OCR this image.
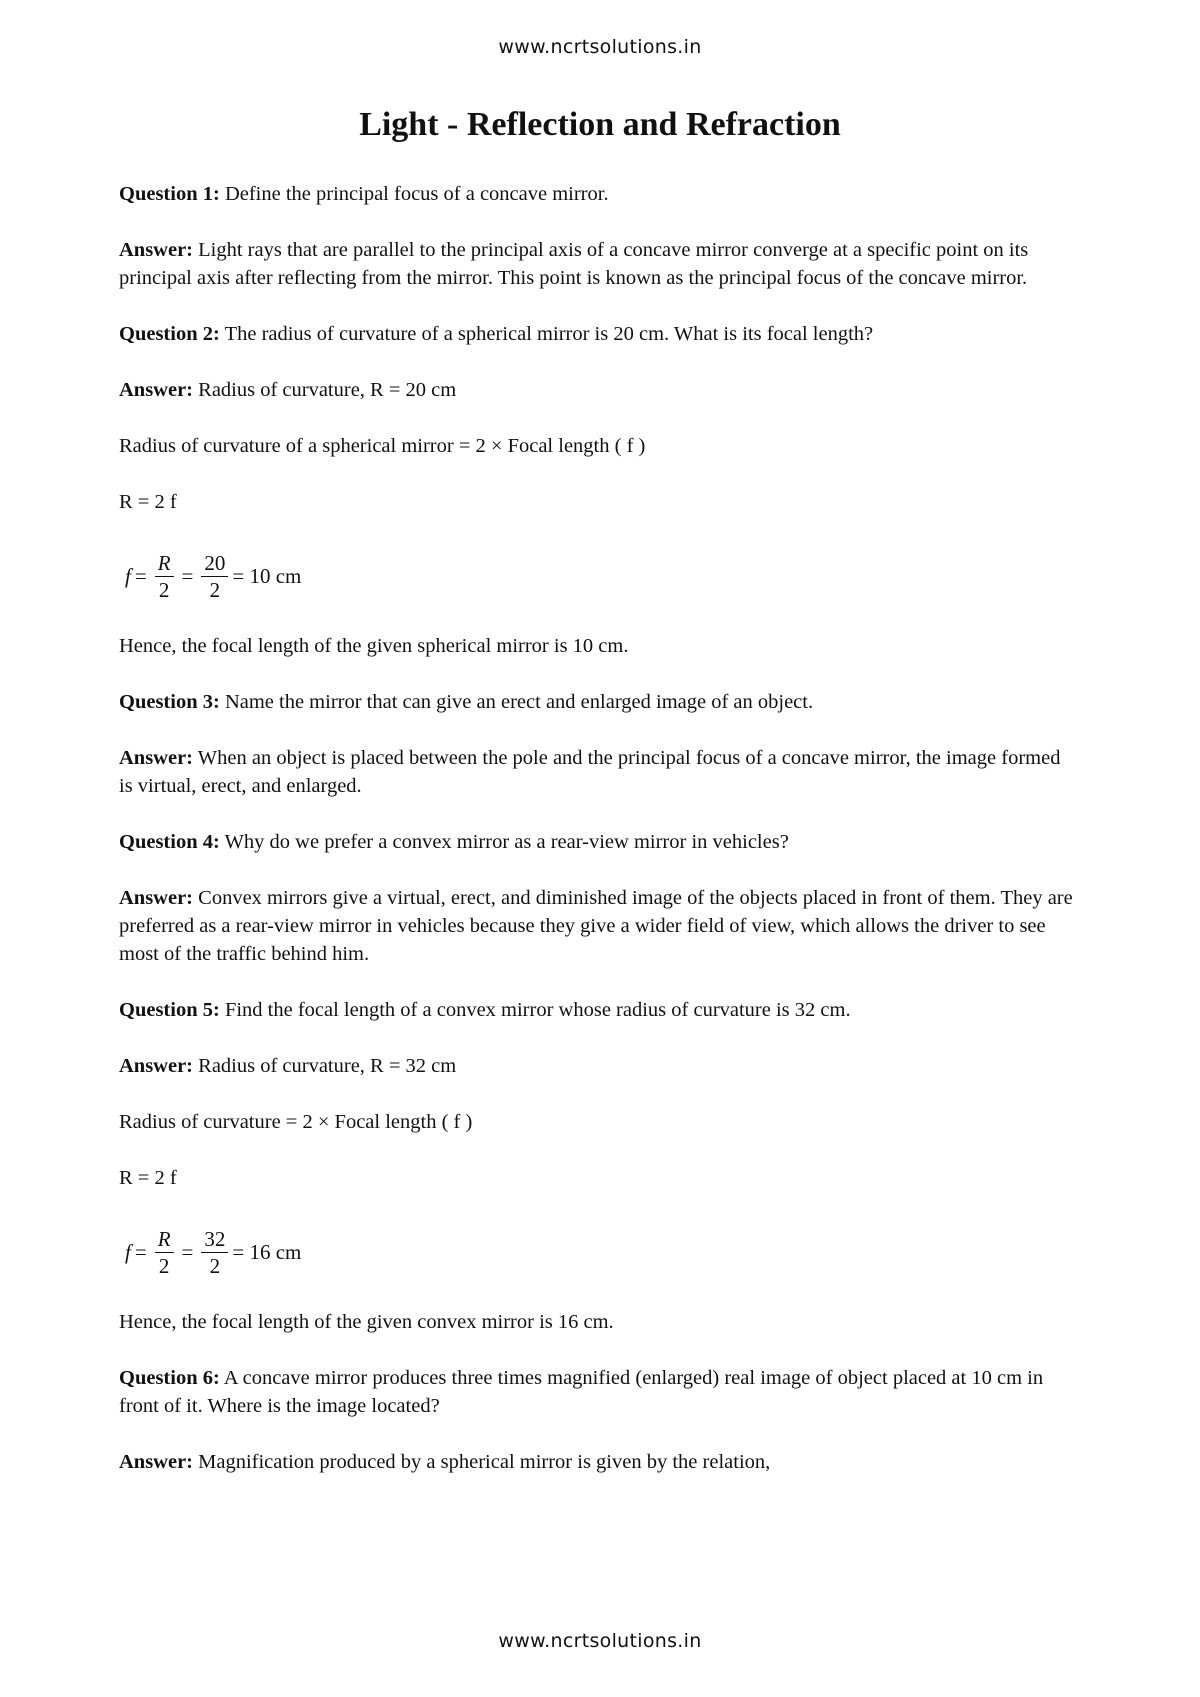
www.ncrtsolutions.in
Light - Reflection and Refraction

Question 1: Define the principal focus of a concave mirror.

Answer: Light rays that are parallel to the principal axis of a concave mirror converge at a specific point on its principal axis after reflecting from the mirror. This point is known as the principal focus of the concave mirror.

Question 2: The radius of curvature of a spherical mirror is 20 cm. What is its focal length?

Answer: Radius of curvature, R = 20 cm

Radius of curvature of a spherical mirror = 2 × Focal length ( f )

R = 2 f

$f = \frac{R}{2} = \frac{20}{2} = 10$ cm

Hence, the focal length of the given spherical mirror is 10 cm.

Question 3: Name the mirror that can give an erect and enlarged image of an object.

Answer: When an object is placed between the pole and the principal focus of a concave mirror, the image formed is virtual, erect, and enlarged.

Question 4: Why do we prefer a convex mirror as a rear-view mirror in vehicles?

Answer: Convex mirrors give a virtual, erect, and diminished image of the objects placed in front of them. They are preferred as a rear-view mirror in vehicles because they give a wider field of view, which allows the driver to see most of the traffic behind him.

Question 5: Find the focal length of a convex mirror whose radius of curvature is 32 cm.

Answer: Radius of curvature, R = 32 cm

Radius of curvature = 2 × Focal length ( f )

R = 2 f

$f = \frac{R}{2} = \frac{32}{2} = 16$ cm

Hence, the focal length of the given convex mirror is 16 cm.

Question 6: A concave mirror produces three times magnified (enlarged) real image of object placed at 10 cm in front of it. Where is the image located?

Answer: Magnification produced by a spherical mirror is given by the relation,

www.ncrtsolutions.in
